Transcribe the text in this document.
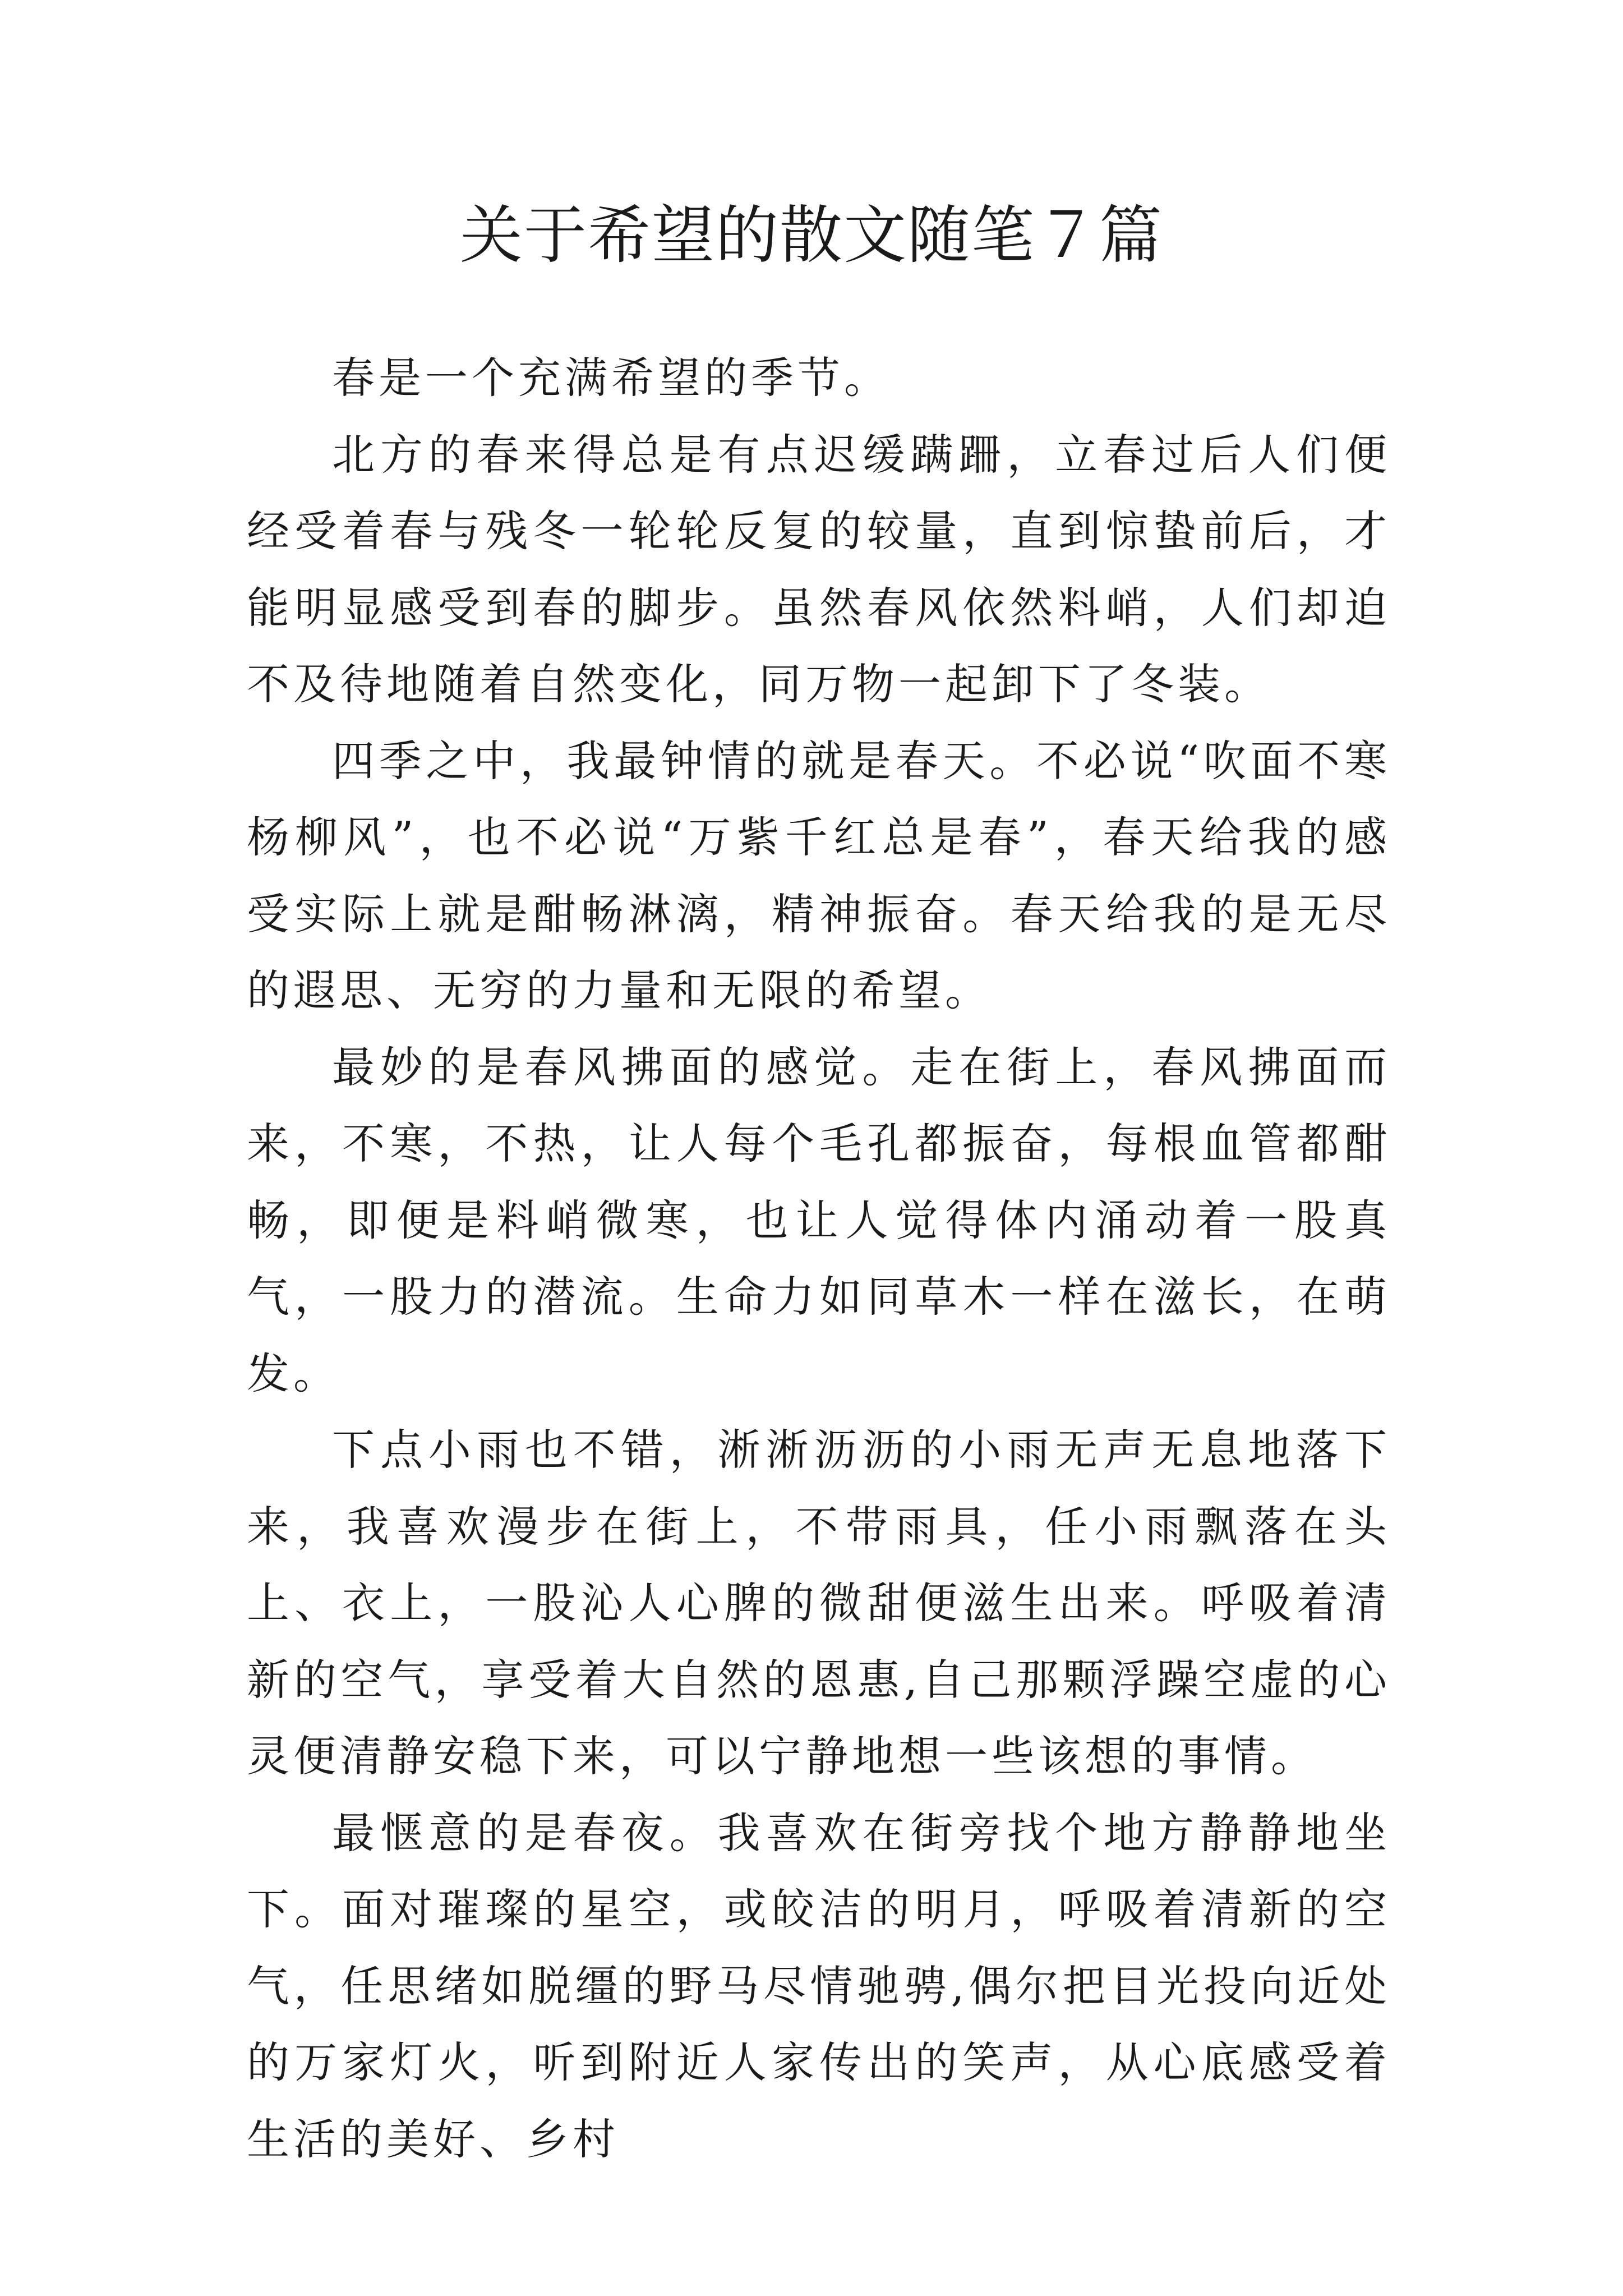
关于希望的散文随笔７篇

春是一个充满希望的季节。

北方的春来得总是有点迟缓蹒跚，立春过后人们便经受着春与残冬一轮轮反复的较量，直到惊蛰前后，才能明显感受到春的脚步。虽然春风依然料峭，人们却迫不及待地随着自然变化，同万物一起卸下了冬装。

四季之中，我最钟情的就是春天。不必说“吹面不寒杨柳风”，也不必说“万紫千红总是春”，春天给我的感受实际上就是酣畅淋漓，精神振奋。春天给我的是无尽的遐思、无穷的力量和无限的希望。

最妙的是春风拂面的感觉。走在街上，春风拂面而来，不寒，不热，让人每个毛孔都振奋，每根血管都酣畅，即便是料峭微寒，也让人觉得体内涌动着一股真气，一股力的潜流。生命力如同草木一样在滋长，在萌发。

下点小雨也不错，淅淅沥沥的小雨无声无息地落下来，我喜欢漫步在街上，不带雨具，任小雨飘落在头上、衣上，一股沁人心脾的微甜便滋生出来。呼吸着清新的空气，享受着大自然的恩惠,自己那颗浮躁空虚的心灵便清静安稳下来，可以宁静地想一些该想的事情。

最惬意的是春夜。我喜欢在街旁找个地方静静地坐下。面对璀璨的星空，或皎洁的明月，呼吸着清新的空气，任思绪如脱缰的野马尽情驰骋,偶尔把目光投向近处的万家灯火，听到附近人家传出的笑声，从心底感受着生活的美好、乡村
